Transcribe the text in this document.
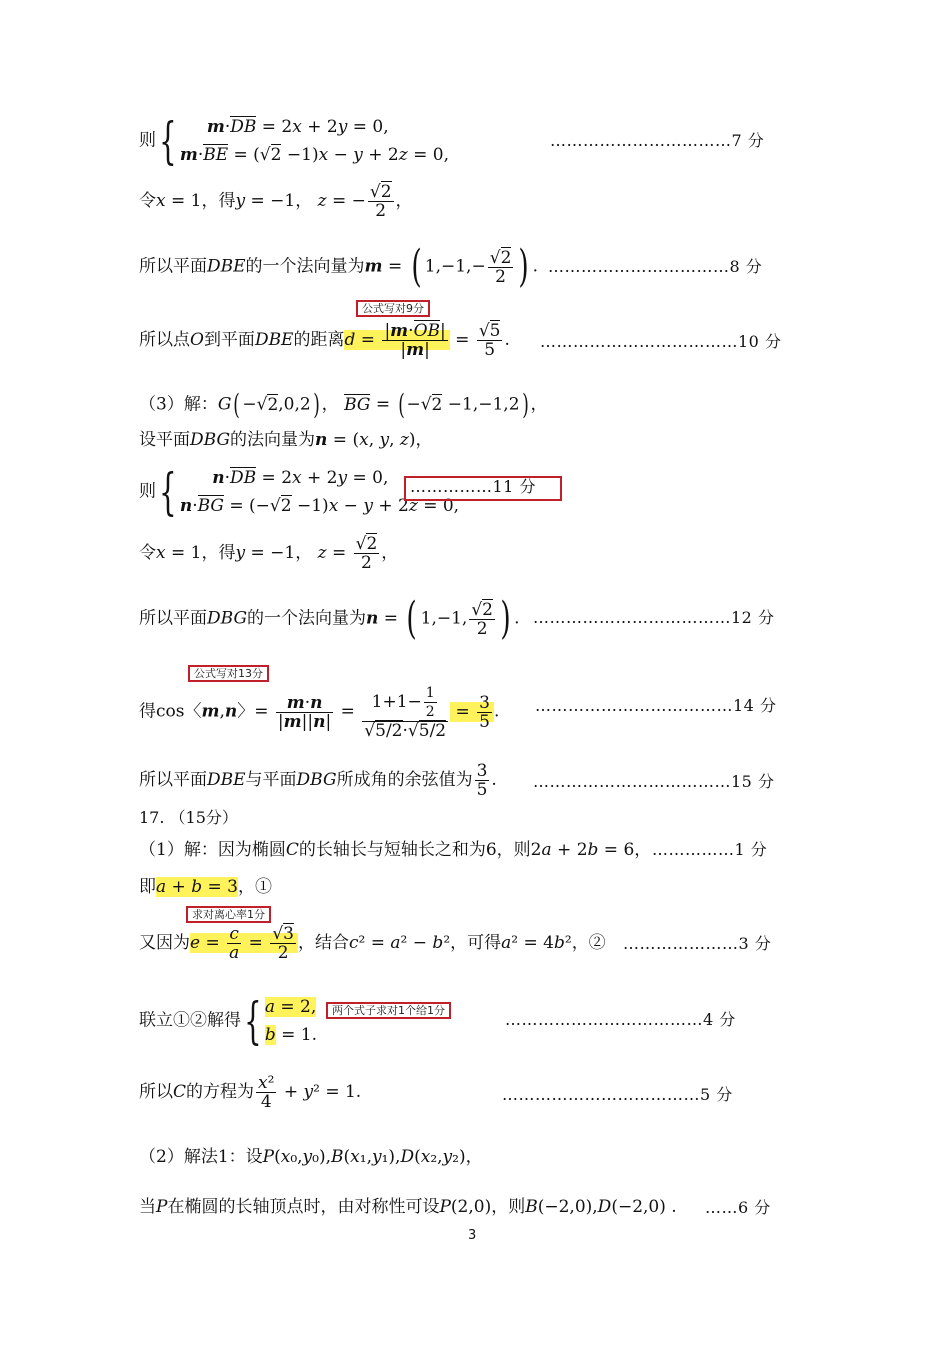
则{	m·DB = 2x + 2y = 0,
m·BE = (√2 −1)x − y + 2z = 0,
……………………………7 分
令x = 1，得y = −1， z = − $\frac{√2}{2}$ ，
所以平面DBE的一个法向量为m = ( $1,-1,- \frac{√2}{2}$ ) . ……………………………8 分
公式写对9分
所以点O到平面DBE的距离$d = \frac{|m\cdot OB|}{|m|} = \frac{√5}{5}$ . ………………………………10 分
（3）解：G( −√2,0,2) ， BG = ( −√2 −1,−1,2) ，
设平面DBG的法向量为n = (x, y, z)，
则{	n·DB = 2x + 2y = 0,
n·BG = (−√2 −1)x − y + 2z = 0,
……………11 分
令x = 1，得y = −1， $z = \frac{√2}{2}$ ，
所以平面DBG的一个法向量为n = ( 1,−1, $\frac{√2}{2}$ ) . ………………………………12 分
公式写对13分
得cos〈m,n〉= $\frac{m\cdot n}{|m||n|} = \frac{1+1- \frac{1}{2}}{√5/2\cdot√5/2} = \frac{3}{5}$ . ………………………………14 分
所以平面DBE与平面DBG所成角的余弦值为 $\frac{3}{5}$ . ………………………………15 分
17. （15分）
（1）解：因为椭圆C的长轴长与短轴长之和为6，则2a + 2b = 6， ……………1 分
即a + b = 3，①
求对离心率1分
又因为$e = \frac{c}{a} = \frac{√3}{2}$ ，结合c² = a² − b²，可得a² = 4b²，② …………………3 分
联立①②解得{ a = 2,
b = 1.
两个式子求对1个给1分	………………………………4 分
所以C的方程为 $\frac{\text{x²}}{4} + y^2 = 1$.	………………………………5 分
（2）解法1：设P(x₀,y₀),B(x₁,y₁),D(x₂,y₂)，
当P在椭圆的长轴顶点时，由对称性可设P(2,0)，则B(−2,0),D(−2,0) . ……6 分
3
